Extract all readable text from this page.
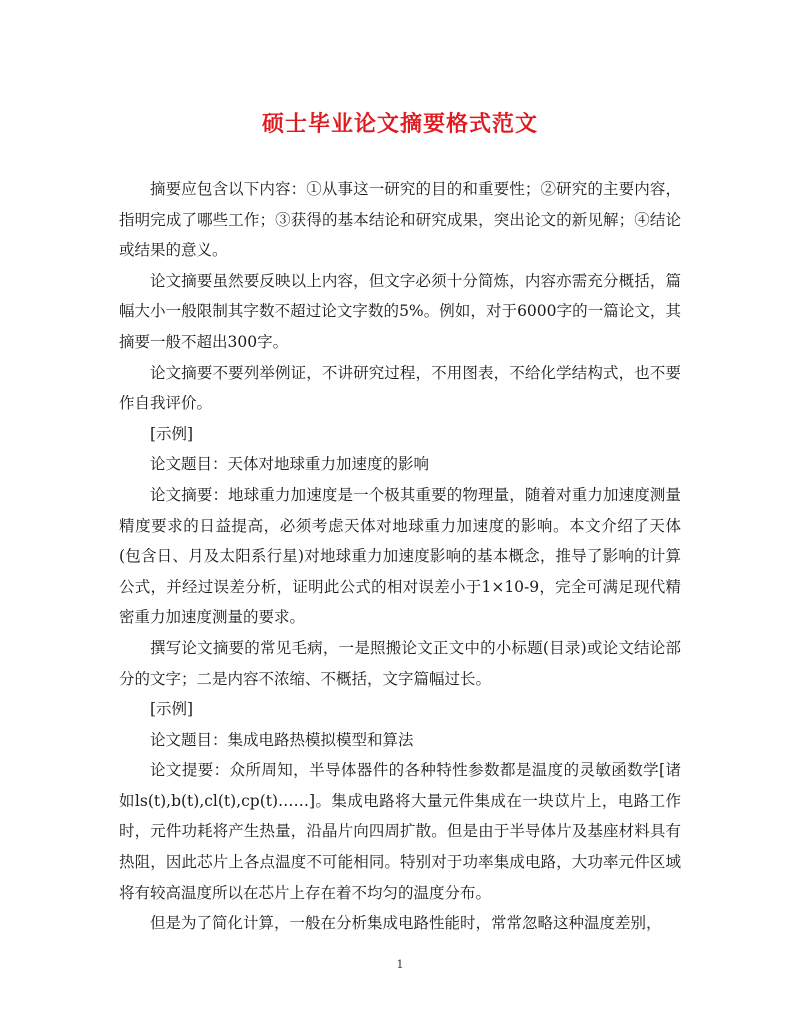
硕士毕业论文摘要格式范文

摘要应包含以下内容：①从事这一研究的目的和重要性；②研究的主要内容，指明完成了哪些工作；③获得的基本结论和研究成果，突出论文的新见解；④结论或结果的意义。

论文摘要虽然要反映以上内容，但文字必须十分简炼，内容亦需充分概括，篇幅大小一般限制其字数不超过论文字数的5%。例如，对于6000字的一篇论文，其摘要一般不超出300字。

论文摘要不要列举例证，不讲研究过程，不用图表，不给化学结构式，也不要作自我评价。

[示例]

论文题目：天体对地球重力加速度的影响

论文摘要：地球重力加速度是一个极其重要的物理量，随着对重力加速度测量精度要求的日益提高，必须考虑天体对地球重力加速度的影响。本文介绍了天体(包含日、月及太阳系行星)对地球重力加速度影响的基本概念，推导了影响的计算公式，并经过误差分析，证明此公式的相对误差小于1×10-9，完全可满足现代精密重力加速度测量的要求。

撰写论文摘要的常见毛病，一是照搬论文正文中的小标题(目录)或论文结论部分的文字；二是内容不浓缩、不概括，文字篇幅过长。

[示例]

论文题目：集成电路热模拟模型和算法

论文提要：众所周知，半导体器件的各种特性参数都是温度的灵敏函数学[诸如ls(t),b(t),cl(t),cp(t)……]。集成电路将大量元件集成在一块苡片上，电路工作时，元件功耗将产生热量，沿晶片向四周扩散。但是由于半导体片及基座材料具有热阻，因此芯片上各点温度不可能相同。特别对于功率集成电路，大功率元件区域将有较高温度所以在芯片上存在着不均匀的温度分布。

但是为了简化计算，一般在分析集成电路性能时，常常忽略这种温度差别，

1
